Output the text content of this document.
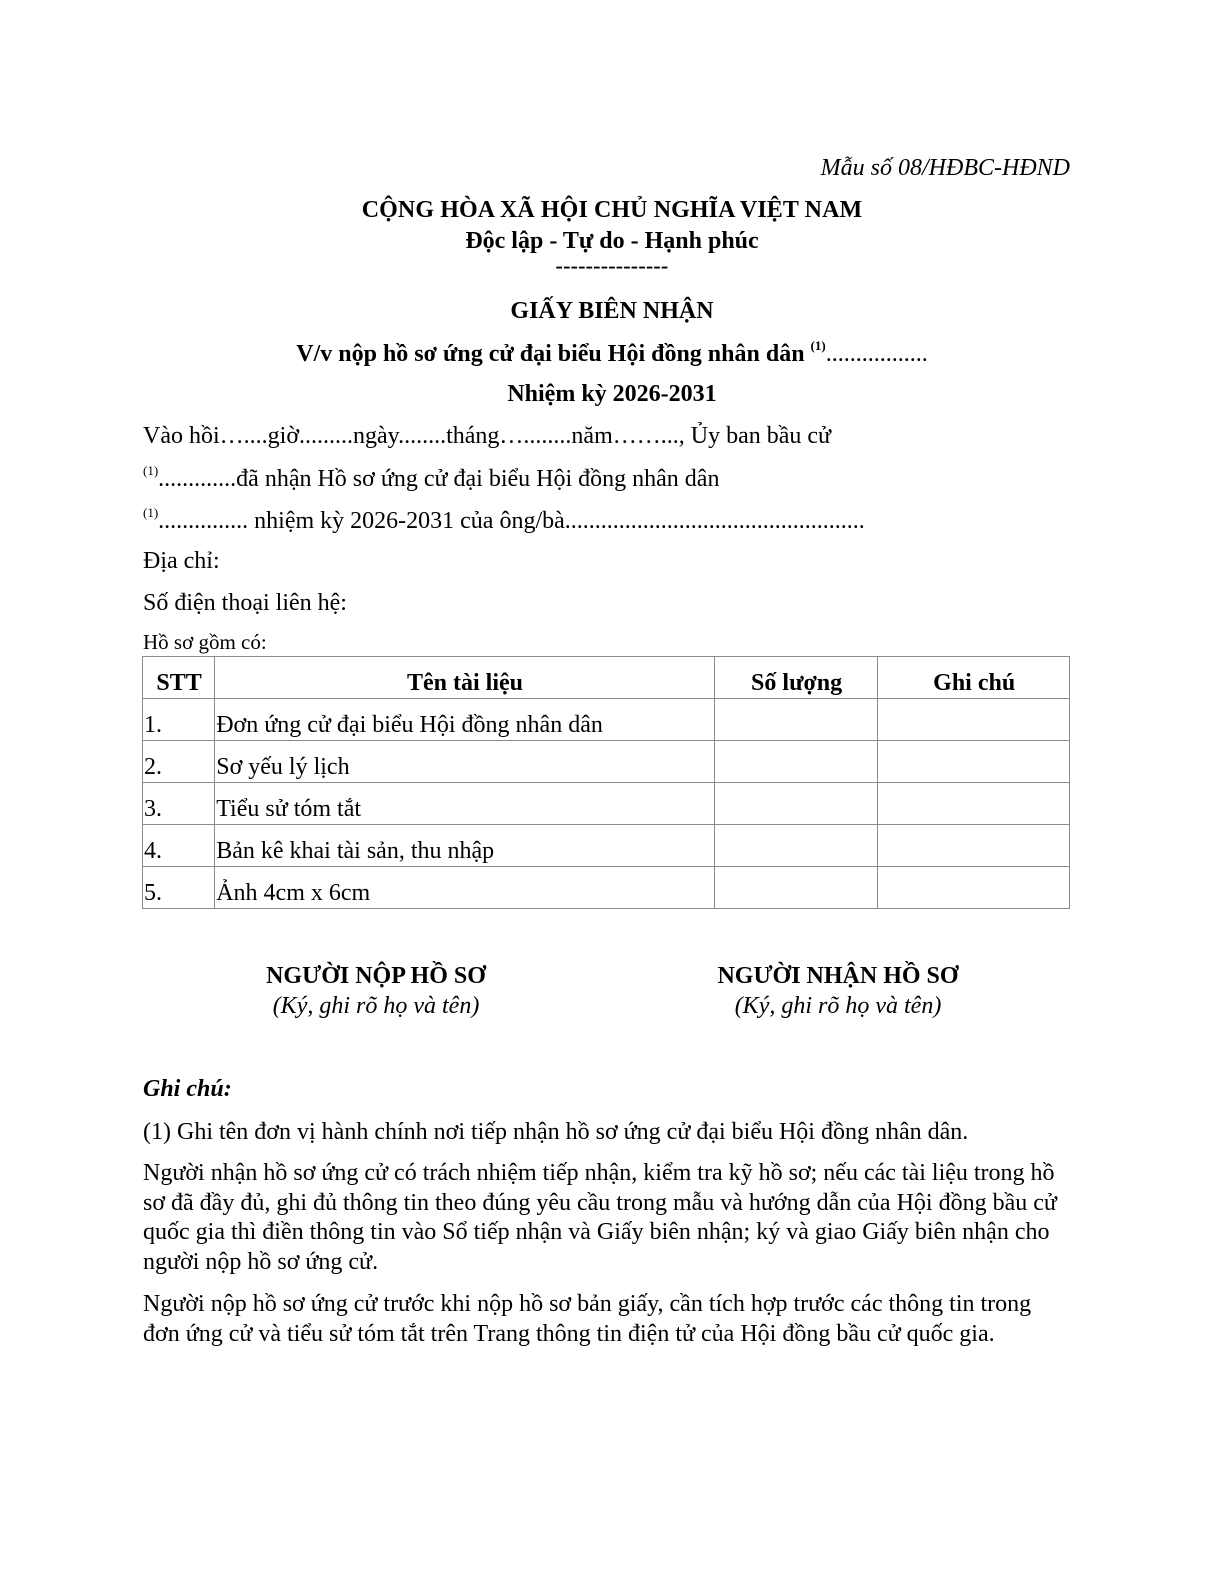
Mẫu số 08/HĐBC-HĐND
CỘNG HÒA XÃ HỘI CHỦ NGHĨA VIỆT NAM
Độc lập - Tự do - Hạnh phúc
---------------
GIẤY BIÊN NHẬN
V/v nộp hồ sơ ứng cử đại biểu Hội đồng nhân dân $^{(1)}$.................
Nhiệm kỳ 2026-2031
Vào hồi…....giờ.........ngày........tháng…........năm……..., Ủy ban bầu cử
$^{(1)}$.............đã nhận Hồ sơ ứng cử đại biểu Hội đồng nhân dân
$^{(1)}$............... nhiệm kỳ 2026-2031 của ông/bà..................................................
Địa chỉ:
Số điện thoại liên hệ:
Hồ sơ gồm có:
STT	Tên tài liệu	Số lượng	Ghi chú
1.	Đơn ứng cử đại biểu Hội đồng nhân dân		
2.	Sơ yếu lý lịch		
3.	Tiểu sử tóm tắt		
4.	Bản kê khai tài sản, thu nhập		
5.	Ảnh 4cm x 6cm		
NGƯỜI NỘP HỒ SƠ
(Ký, ghi rõ họ và tên)
NGƯỜI NHẬN HỒ SƠ
(Ký, ghi rõ họ và tên)
Ghi chú:
(1) Ghi tên đơn vị hành chính nơi tiếp nhận hồ sơ ứng cử đại biểu Hội đồng nhân dân.
Người nhận hồ sơ ứng cử có trách nhiệm tiếp nhận, kiểm tra kỹ hồ sơ; nếu các tài liệu trong hồ sơ đã đầy đủ, ghi đủ thông tin theo đúng yêu cầu trong mẫu và hướng dẫn của Hội đồng bầu cử quốc gia thì điền thông tin vào Sổ tiếp nhận và Giấy biên nhận; ký và giao Giấy biên nhận cho người nộp hồ sơ ứng cử.
Người nộp hồ sơ ứng cử trước khi nộp hồ sơ bản giấy, cần tích hợp trước các thông tin trong đơn ứng cử và tiểu sử tóm tắt trên Trang thông tin điện tử của Hội đồng bầu cử quốc gia.
